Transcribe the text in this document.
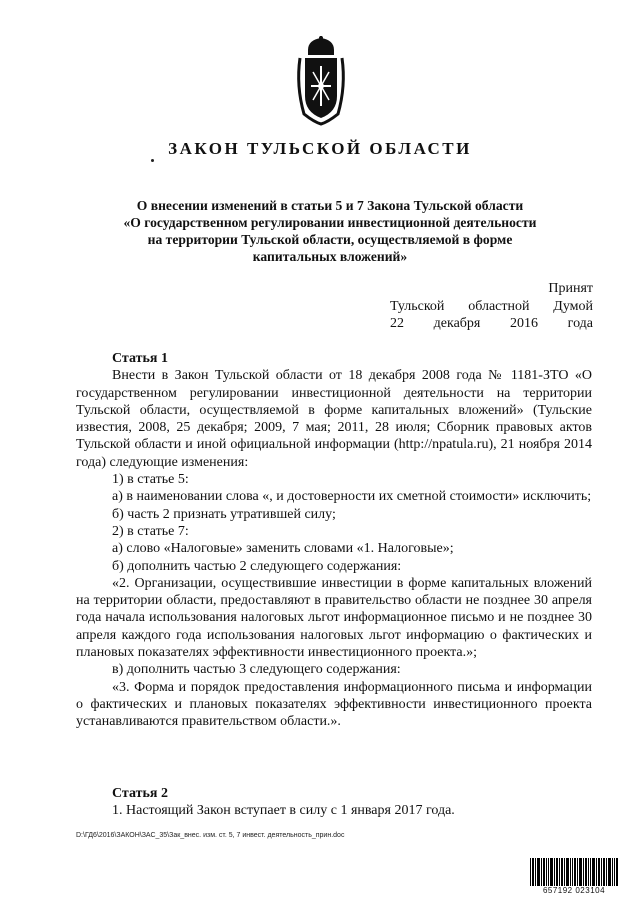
ЗАКОН ТУЛЬСКОЙ ОБЛАСТИ
О внесении изменений в статьи 5 и 7 Закона Тульской области
«О государственном регулировании инвестиционной деятельности
на территории Тульской области, осуществляемой в форме
капитальных вложений»
Принят
Тульской областной Думой
22 декабря 2016 года

Статья 1

Внести в Закон Тульской области от 18 декабря 2008 года № 1181-ЗТО «О государственном регулировании инвестиционной деятельности на территории Тульской области, осуществляемой в форме капитальных вложений» (Тульские известия, 2008, 25 декабря; 2009, 7 мая; 2011, 28 июля; Сборник правовых актов Тульской области и иной официальной информации (http://npatula.ru), 21 ноября 2014 года) следующие изменения:

1) в статье 5:

а) в наименовании слова «, и достоверности их сметной стоимости» исключить;

б) часть 2 признать утратившей силу;

2) в статье 7:

а) слово «Налоговые» заменить словами «1. Налоговые»;

б) дополнить частью 2 следующего содержания:

«2. Организации, осуществившие инвестиции в форме капитальных вложений на территории области, предоставляют в правительство области не позднее 30 апреля года начала использования налоговых льгот информационное письмо и не позднее 30 апреля каждого года использования налоговых льгот информацию о фактических и плановых показателях эффективности инвестиционного проекта.»;

в) дополнить частью 3 следующего содержания:

«3. Форма и порядок предоставления информационного письма и информации о фактических и плановых показателях эффективности инвестиционного проекта устанавливаются правительством области.».

Статья 2

1. Настоящий Закон вступает в силу с 1 января 2017 года.

D:\ГД6\2016\ЗАКОН\ЗАС_35\Зак_внес. изм. ст. 5, 7 инвест. деятельность_прин.doc
657192 023104
